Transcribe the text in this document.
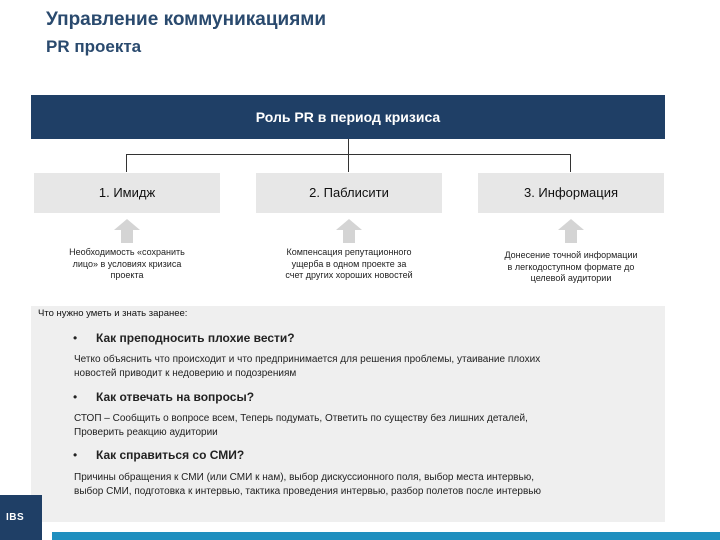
Управление коммуникациями
PR проекта
Роль PR в период кризиса
1. Имидж	2. Паблисити	3. Информация
Необходимость «сохранить
лицо» в условиях кризиса
проекта
Компенсация репутационного
ущерба в одном проекте за
счет других хороших новостей
Донесение точной информации
в легкодоступном формате до
целевой аудитории
Что нужно уметь и знать заранее:
• Как преподносить плохие вести?
Четко объяснить что происходит и что предпринимается для решения проблемы, утаивание плохих
новостей приводит к недоверию и подозрениям
• Как отвечать на вопросы?
СТОП – Сообщить о вопросе всем, Теперь подумать, Ответить по существу без лишних деталей,
Проверить реакцию аудитории
• Как справиться со СМИ?
Причины обращения к СМИ (или СМИ к нам), выбор дискуссионного поля, выбор места интервью,
выбор СМИ, подготовка к интервью, тактика проведения интервью, разбор полетов после интервью
IBS
